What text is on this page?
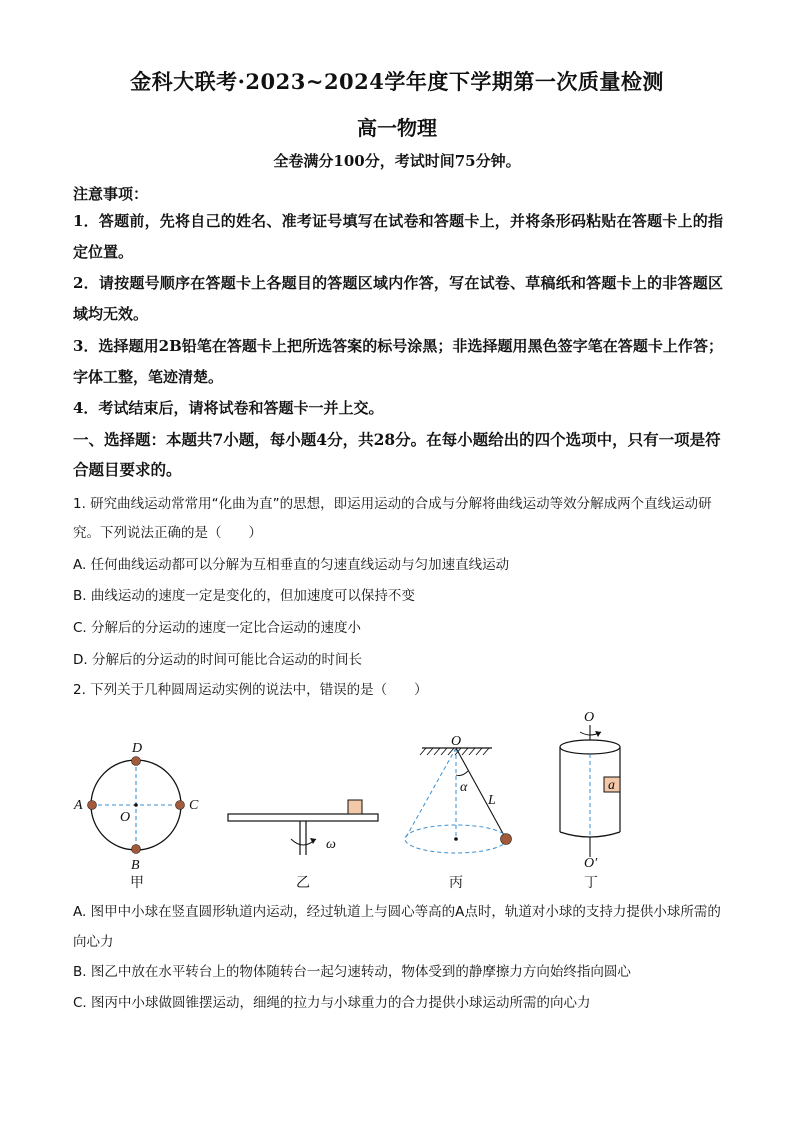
金科大联考·2023~2024学年度下学期第一次质量检测
高一物理
全卷满分100分，考试时间75分钟。
注意事项：
1．答题前，先将自己的姓名、准考证号填写在试卷和答题卡上，并将条形码粘贴在答题卡上的指定位置。
2．请按题号顺序在答题卡上各题目的答题区域内作答，写在试卷、草稿纸和答题卡上的非答题区域均无效。
3．选择题用2B铅笔在答题卡上把所选答案的标号涂黑；非选择题用黑色签字笔在答题卡上作答；字体工整，笔迹清楚。
4．考试结束后，请将试卷和答题卡一并上交。
一、选择题：本题共7小题，每小题4分，共28分。在每小题给出的四个选项中，只有一项是符合题目要求的。
1. 研究曲线运动常常用“化曲为直”的思想，即运用运动的合成与分解将曲线运动等效分解成两个直线运动研究。下列说法正确的是（　　）
A. 任何曲线运动都可以分解为互相垂直的匀速直线运动与匀加速直线运动
B. 曲线运动的速度一定是变化的，但加速度可以保持不变
C. 分解后的分运动的速度一定比合运动的速度小
D. 分解后的分运动的时间可能比合运动的时间长
2. 下列关于几种圆周运动实例的说法中，错误的是（　　）
D
A	C
O
B
甲
ω
乙
O
α
L
丙
O
a
O′
丁
A. 图甲中小球在竖直圆形轨道内运动，经过轨道上与圆心等高的A点时，轨道对小球的支持力提供小球所需的向心力
B. 图乙中放在水平转台上的物体随转台一起匀速转动，物体受到的静摩擦力方向始终指向圆心
C. 图丙中小球做圆锥摆运动，细绳的拉力与小球重力的合力提供小球运动所需的向心力
